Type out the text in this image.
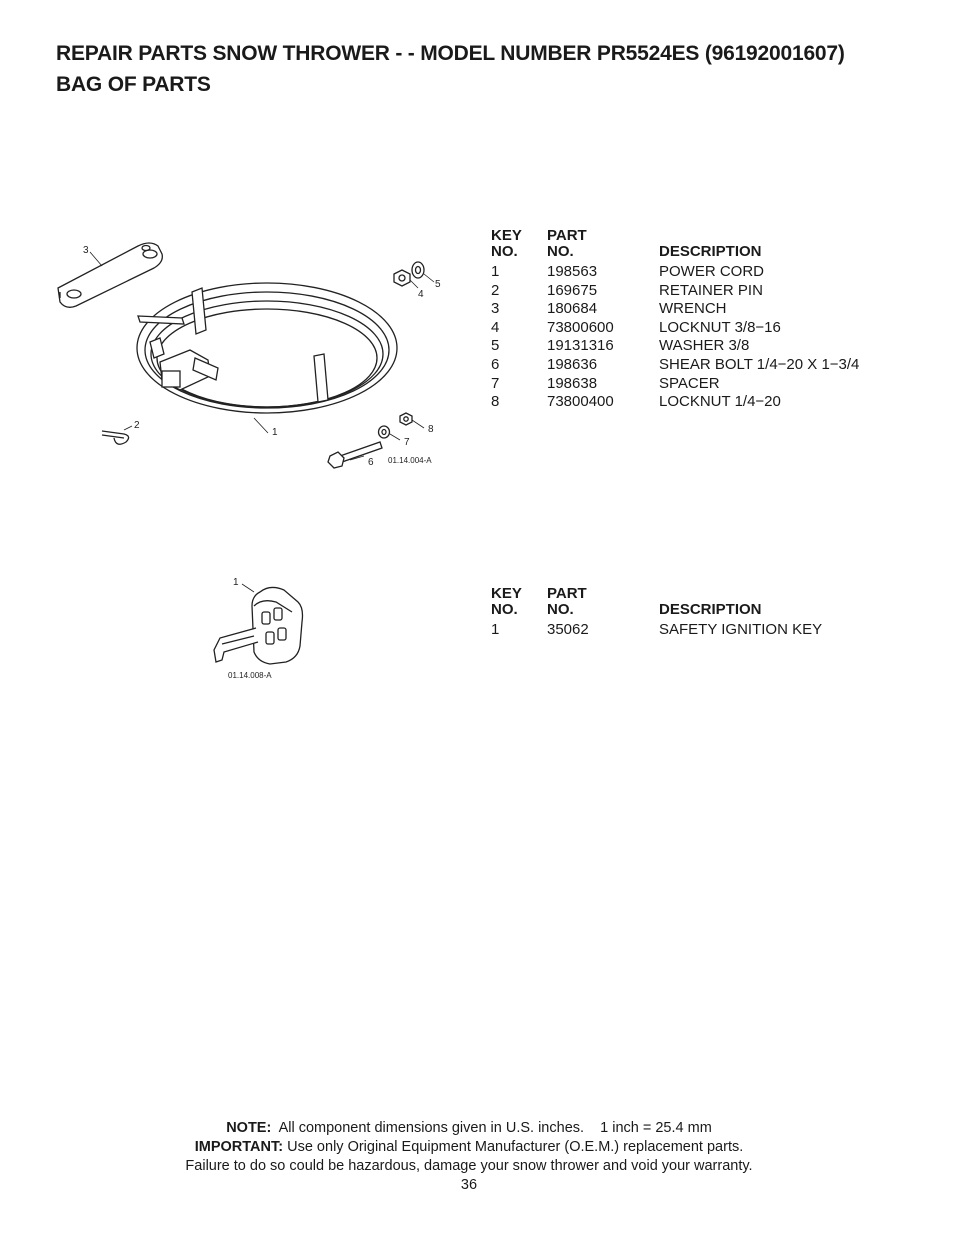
REPAIR PARTS SNOW THROWER - - MODEL NUMBER PR5524ES (96192001607)
BAG OF PARTS
3
1
2
4
5
8
7
6 01.14.004-A
KEY
NO.	PART
NO.	DESCRIPTION
1	198563	POWER CORD
2	169675	RETAINER PIN
3	180684	WRENCH
4	73800600	LOCKNUT 3/8−16
5	19131316	WASHER 3/8
6	198636	SHEAR BOLT 1/4−20 X 1−3/4
7	198638	SPACER
8	73800400	LOCKNUT 1/4−20
1
01.14.008-A
KEY
NO.	PART
NO.	DESCRIPTION
1	35062	SAFETY IGNITION KEY
NOTE:  All component dimensions given in U.S. inches.    1 inch = 25.4 mm
IMPORTANT: Use only Original Equipment Manufacturer (O.E.M.) replacement parts.
Failure to do so could be hazardous, damage your snow thrower and void your warranty.
36
